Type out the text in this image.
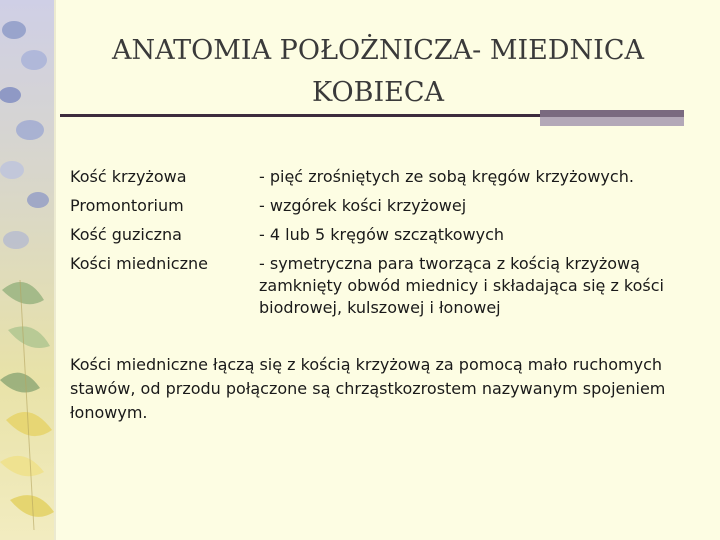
ANATOMIA POŁOŻNICZA- MIEDNICA
KOBIECA
Kość krzyżowa
Promontorium
Kość guziczna
Kości miedniczne
- pięć zrośniętych ze sobą kręgów krzyżowych.
- wzgórek kości krzyżowej
- 4 lub 5 kręgów szczątkowych
- symetryczna para tworząca z kością krzyżową zamknięty obwód miednicy i składająca się z kości biodrowej, kulszowej i łonowej

Kości miedniczne łączą się z kością krzyżową za pomocą mało ruchomych stawów, od przodu połączone są chrząstkozrostem nazywanym spojeniem łonowym.
